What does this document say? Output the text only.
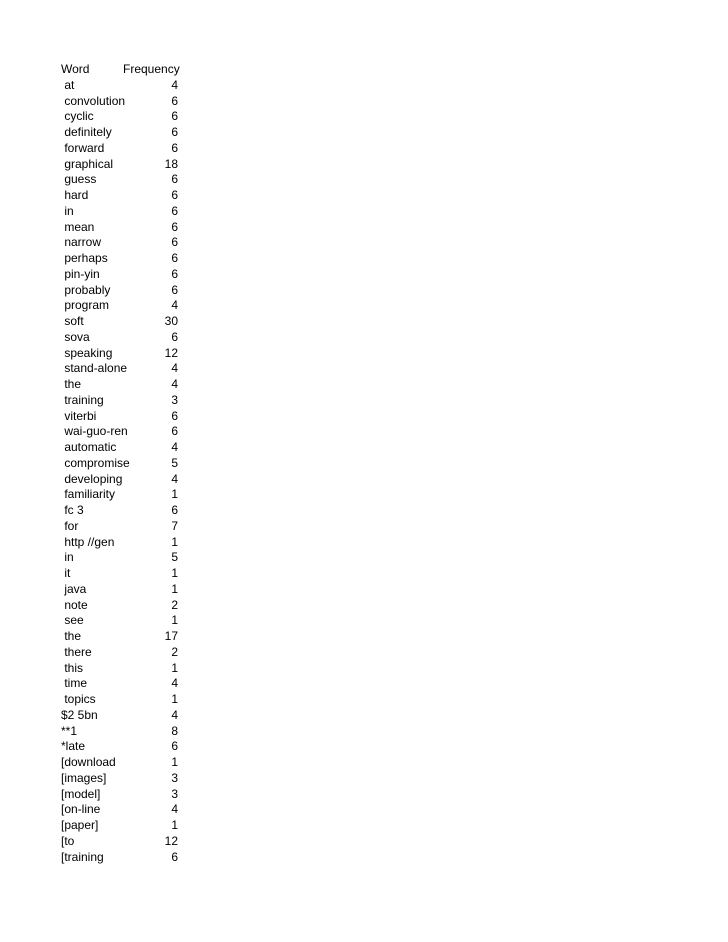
Word	Frequency
at	4
convolution	6
cyclic	6
definitely	6
forward	6
graphical	18
guess	6
hard	6
in	6
mean	6
narrow	6
perhaps	6
pin-yin	6
probably	6
program	4
soft	30
sova	6
speaking	12
stand-alone	4
the	4
training	3
viterbi	6
wai-guo-ren	6
automatic	4
compromise	5
developing	4
familiarity	1
fc 3	6
for	7
http //gen	1
in	5
it	1
java	1
note	2
see	1
the	17
there	2
this	1
time	4
topics	1
$2 5bn	4
**1	8
*late	6
[download	1
[images]	3
[model]	3
[on-line	4
[paper]	1
[to	12
[training	6
